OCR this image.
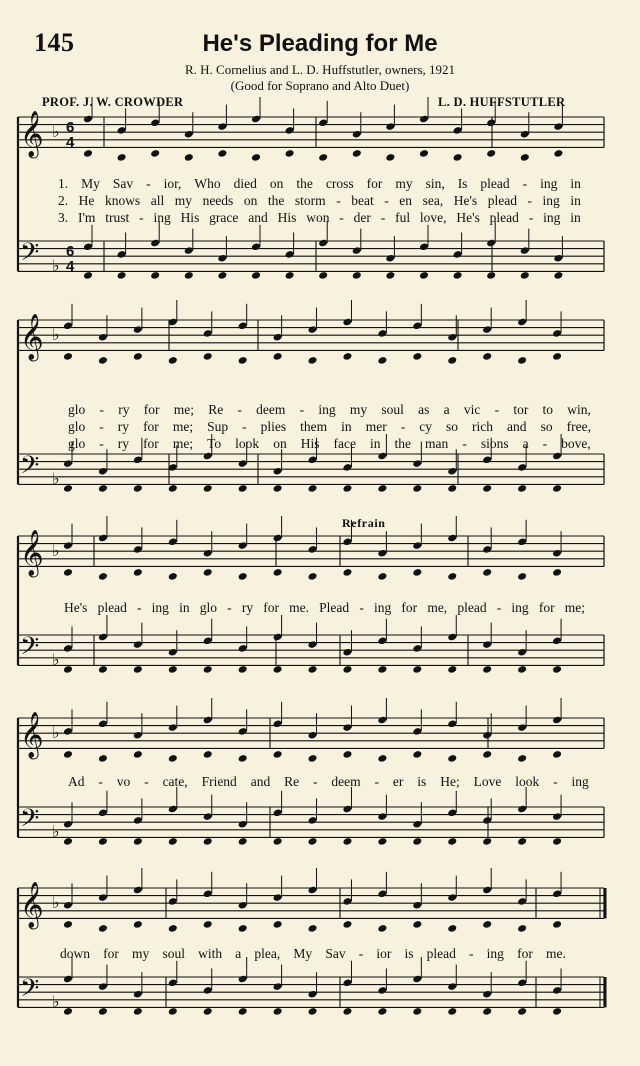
145	He's Pleading for Me
R. H. Cornelius and L. D. Huffstutler, owners, 1921
(Good for Soprano and Alto Duet)
PROF. J. W. CROWDER	L. D. HUFFSTUTLER
Refrain
𝄞 ♭ 6
4
𝄢 ♭
6
4
𝄞 ♭
𝄢 ♭
𝄞 ♭
𝄢 ♭
𝄞 ♭
𝄢 ♭
𝄞 ♭
𝄢 ♭
1. My Sav - ior, Who died on the cross for my sin, Is plead - ing in
2. He knows all my needs on the storm - beat - en sea, He's plead - ing in
3. I'm trust - ing His grace and His won - der - ful love, He's plead - ing in
glo - ry for me; Re - deem - ing my soul as a vic - tor to win,
glo - ry for me; Sup - plies them in mer - cy so rich and so free,
glo - ry for me; To look on His face in the man - sions a - bove,
He's plead - ing in glo - ry for me. Plead - ing for me, plead - ing for me;
Ad - vo - cate, Friend and Re - deem - er is He; Love look - ing
down for my soul with a plea, My Sav - ior is plead - ing for me.
